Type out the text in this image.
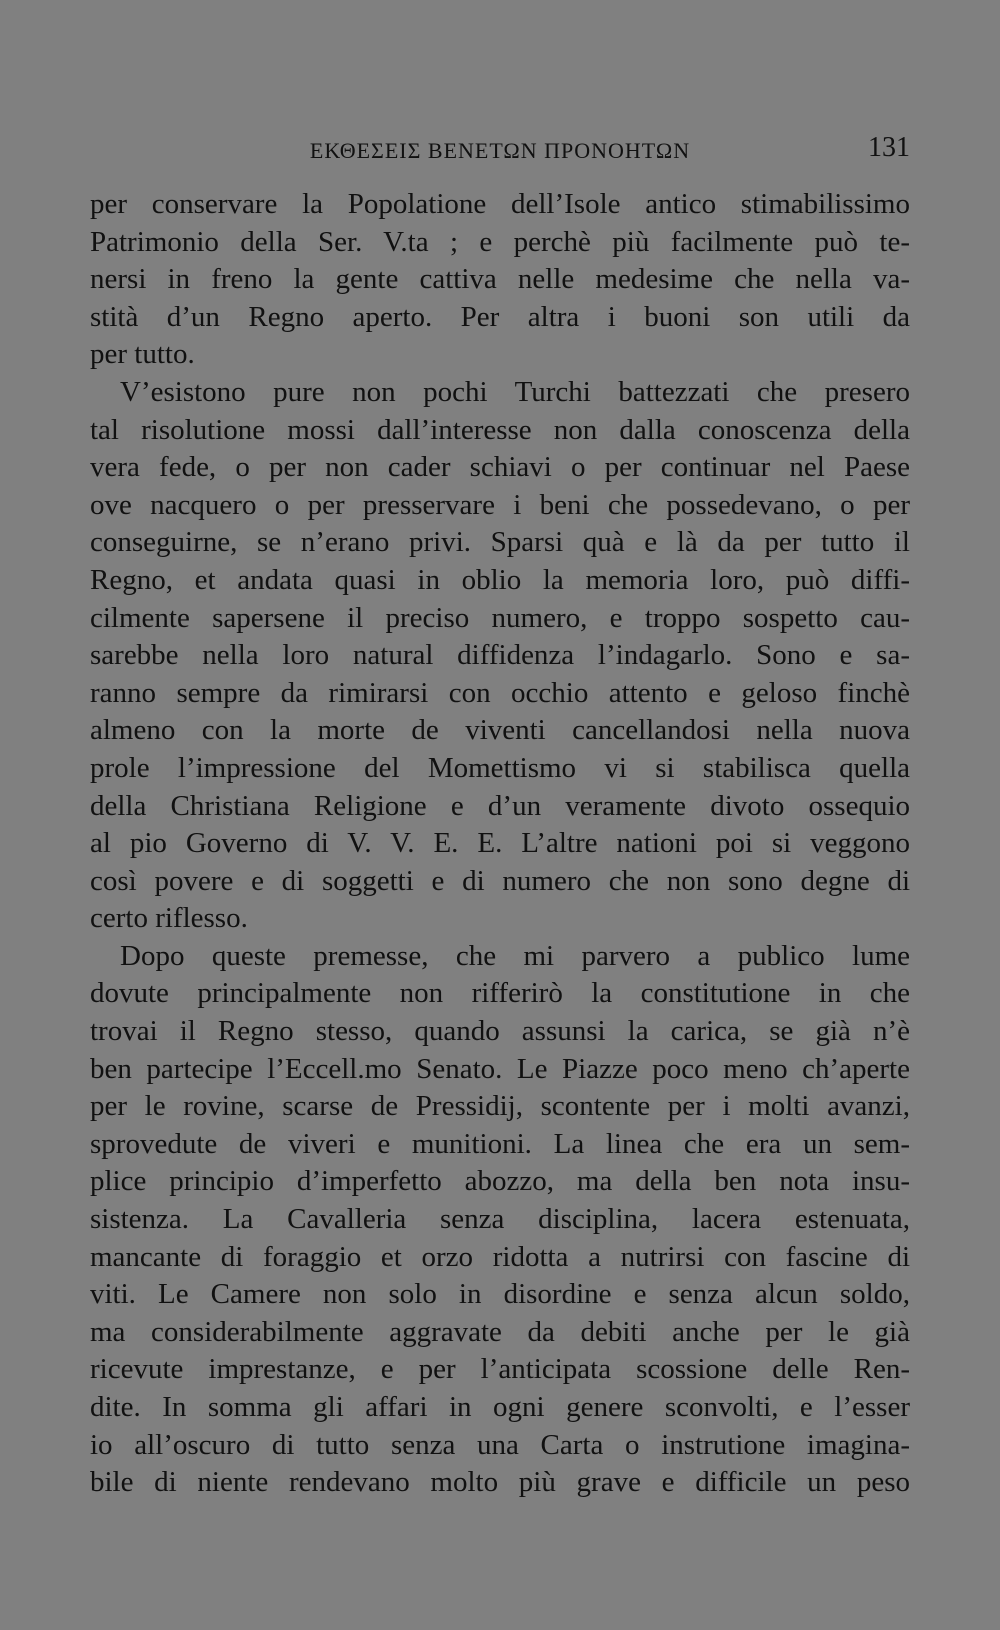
ΕΚΘΕΣΕΙΣ ΒΕΝΕΤΩΝ ΠΡΟΝΟΗΤΩΝ	131
per conservare la Popolatione dell’Isole antico stimabilissimo
Patrimonio della Ser. V.ta ; e perchè più facilmente può te-
nersi in freno la gente cattiva nelle medesime che nella va-
stità d’un Regno aperto. Per altra i buoni son utili da
per tutto.
V’esistono pure non pochi Turchi battezzati che presero
tal risolutione mossi dall’interesse non dalla conoscenza della
vera fede, o per non cader schiavi o per continuar nel Paese
ove nacquero o per presservare i beni che possedevano, o per
conseguirne, se n’erano privi. Sparsi quà e là da per tutto il
Regno, et andata quasi in oblio la memoria loro, può diffi-
cilmente sapersene il preciso numero, e troppo sospetto cau-
sarebbe nella loro natural diffidenza l’indagarlo. Sono e sa-
ranno sempre da rimirarsi con occhio attento e geloso finchè
almeno con la morte de viventi cancellandosi nella nuova
prole l’impressione del Momettismo vi si stabilisca quella
della Christiana Religione e d’un veramente divoto ossequio
al pio Governo di V. V. E. E. L’altre nationi poi si veggono
così povere e di soggetti e di numero che non sono degne di
certo riflesso.
Dopo queste premesse, che mi parvero a publico lume
dovute principalmente non rifferirò la constitutione in che
trovai il Regno stesso, quando assunsi la carica, se già n’è
ben partecipe l’Eccell.mo Senato. Le Piazze poco meno ch’aperte
per le rovine, scarse de Pressidij, scontente per i molti avanzi,
sprovedute de viveri e munitioni. La linea che era un sem-
plice principio d’imperfetto abozzo, ma della ben nota insu-
sistenza. La Cavalleria senza disciplina, lacera estenuata,
mancante di foraggio et orzo ridotta a nutrirsi con fascine di
viti. Le Camere non solo in disordine e senza alcun soldo,
ma considerabilmente aggravate da debiti anche per le già
ricevute imprestanze, e per l’anticipata scossione delle Ren-
dite. In somma gli affari in ogni genere sconvolti, e l’esser
io all’oscuro di tutto senza una Carta o instrutione imagina-
bile di niente rendevano molto più grave e difficile un peso
